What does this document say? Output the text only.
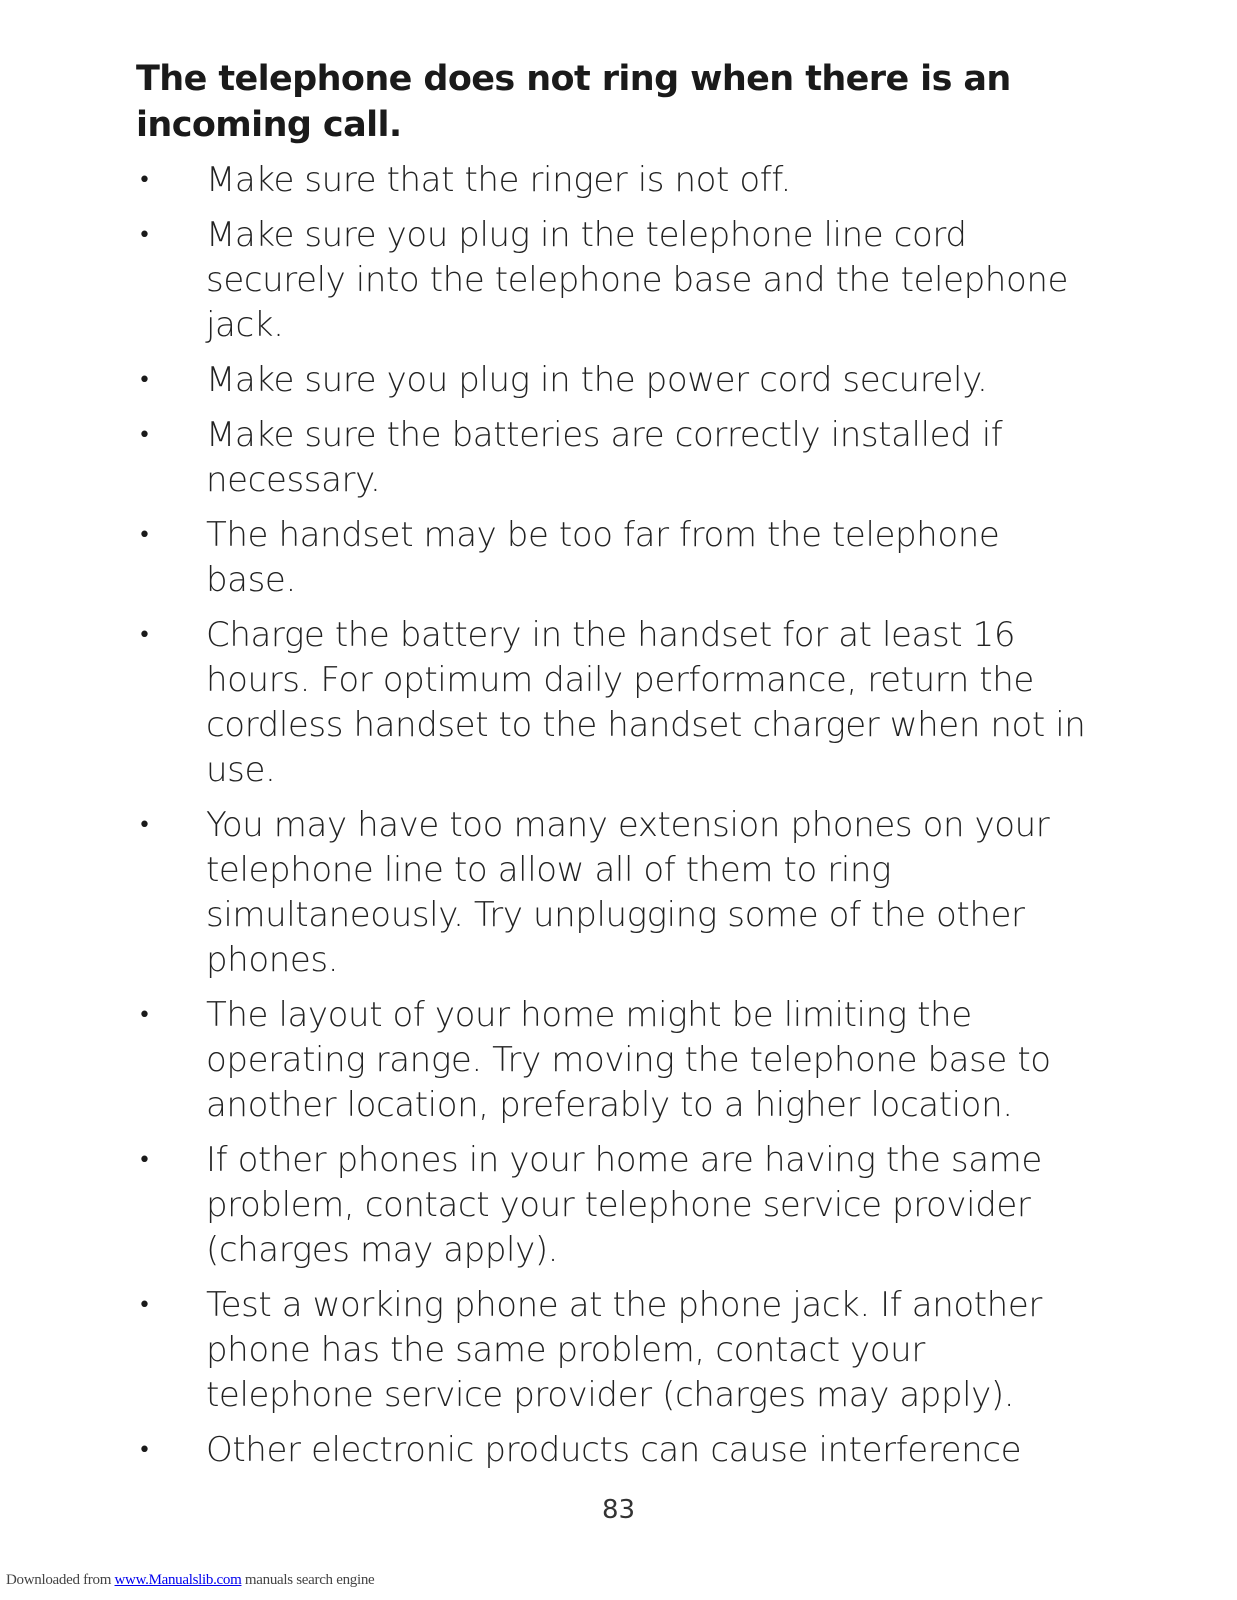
The telephone does not ring when there is an incoming call.
•	Make sure that the ringer is not off.
•	Make sure you plug in the telephone line cord securely into the telephone base and the telephone jack.
•	Make sure you plug in the power cord securely.
•	Make sure the batteries are correctly installed if necessary.
•	The handset may be too far from the telephone base.
•	Charge the battery in the handset for at least 16 hours. For optimum daily performance, return the cordless handset to the handset charger when not in use.
•	You may have too many extension phones on your telephone line to allow all of them to ring simultaneously. Try unplugging some of the other phones.
•	The layout of your home might be limiting the operating range. Try moving the telephone base to another location, preferably to a higher location.
•	If other phones in your home are having the same problem, contact your telephone service provider (charges may apply).
•	Test a working phone at the phone jack. If another phone has the same problem, contact your telephone service provider (charges may apply).
•	Other electronic products can cause interference
83
Downloaded from www.Manualslib.com manuals search engine
